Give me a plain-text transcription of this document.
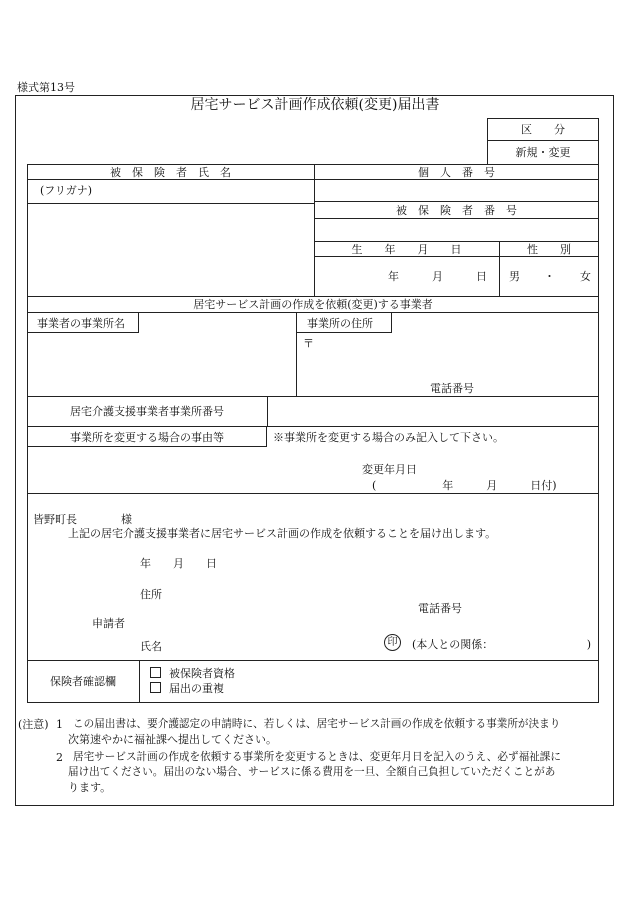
様式第13号
居宅サービス計画作成依頼(変更)届出書
区　　分
新規・変更
被　保　険　者　氏　名
(フリガナ)
個　人　番　号
被　保　険　者　番　号
生　　年　　月　　日
年　　　月　　　日
性　　別
男 ・ 女
居宅サービス計画の作成を依頼(変更)する事業者
事業者の事業所名	事業所の住所
〒
電話番号
居宅介護支援事業者事業所番号
事業所を変更する場合の事由等	※事業所を変更する場合のみ記入して下さい。
変更年月日
(　　　　　　年　　　月　　　日付)
皆野町長　　　　様
上記の居宅介護支援事業者に居宅サービス計画の作成を依頼することを届け出します。
年　　月　　日
住所
電話番号
申請者
氏名	印	(本人との関係：　　　　　　　　　)
保険者確認欄
被保険者資格
届出の重複
(注意) 1 この届出書は、要介護認定の申請時に、若しくは、居宅サービス計画の作成を依頼する事業所が決まり
次第速やかに福祉課へ提出してください。
2 居宅サービス計画の作成を依頼する事業所を変更するときは、変更年月日を記入のうえ、必ず福祉課に
届け出てください。届出のない場合、サービスに係る費用を一旦、全額自己負担していただくことがあ
ります。
